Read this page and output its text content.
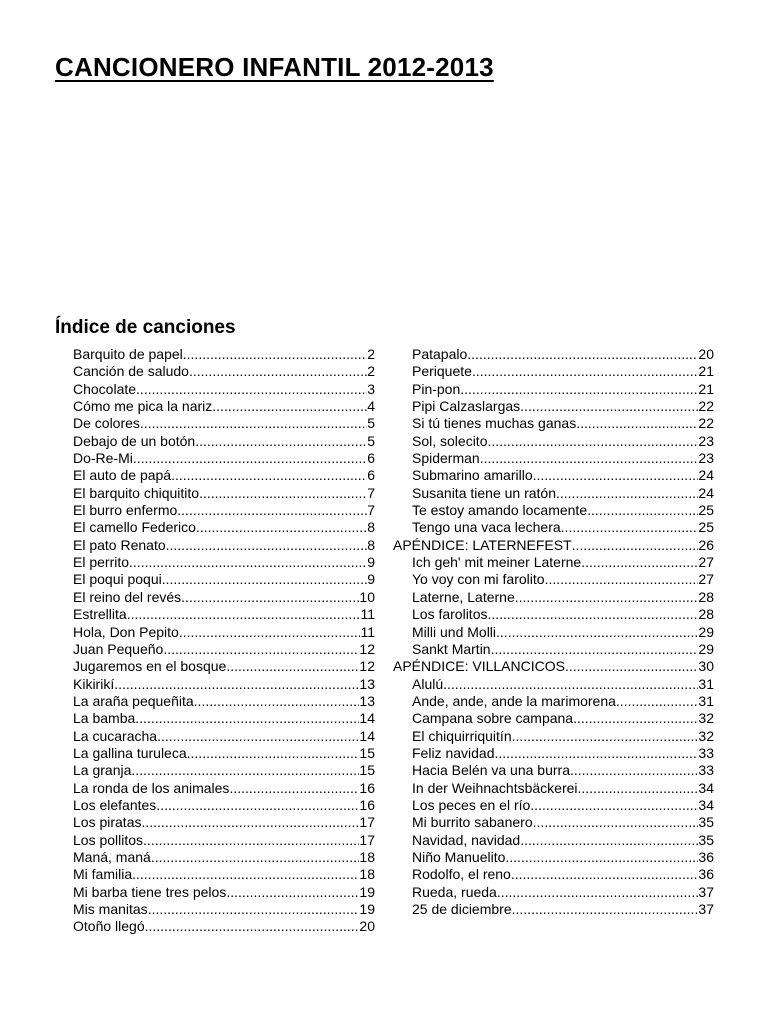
CANCIONERO INFANTIL 2012-2013
Índice de canciones
Barquito de papel .....	2
Canción de saludo .....	2
Chocolate .....	3
Cómo me pica la nariz .....	4
De colores .....	5
Debajo de un botón .....	5
Do-Re-Mi .....	6
El auto de papá .....	6
El barquito chiquitito .....	7
El burro enfermo .....	7
El camello Federico .....	8
El pato Renato .....	8
El perrito .....	9
El poqui poqui .....	9
El reino del revés .....	10
Estrellita .....	11
Hola, Don Pepito .....	11
Juan Pequeño .....	12
Jugaremos en el bosque .....	12
Kikirikí .....	13
La araña pequeñita .....	13
La bamba .....	14
La cucaracha .....	14
La gallina turuleca .....	15
La granja .....	15
La ronda de los animales .....	16
Los elefantes .....	16
Los piratas .....	17
Los pollitos .....	17
Maná, maná .....	18
Mi familia .....	18
Mi barba tiene tres pelos .....	19
Mis manitas .....	19
Otoño llegó .....	20
Patapalo .....	20
Periquete .....	21
Pin-pon .....	21
Pipi Calzaslargas .....	22
Si tú tienes muchas ganas .....	22
Sol, solecito .....	23
Spiderman .....	23
Submarino amarillo .....	24
Susanita tiene un ratón .....	24
Te estoy amando locamente .....	25
Tengo una vaca lechera .....	25
APÉNDICE: LATERNEFEST .....	26
Ich geh' mit meiner Laterne .....	27
Yo voy con mi farolito .....	27
Laterne, Laterne .....	28
Los farolitos .....	28
Milli und Molli .....	29
Sankt Martin .....	29
APÉNDICE: VILLANCICOS .....	30
Alulú .....	31
Ande, ande, ande la marimorena .....	31
Campana sobre campana .....	32
El chiquirriquitín .....	32
Feliz navidad .....	33
Hacia Belén va una burra .....	33
In der Weihnachtsbäckerei .....	34
Los peces en el río .....	34
Mi burrito sabanero .....	35
Navidad, navidad .....	35
Niño Manuelito .....	36
Rodolfo, el reno .....	36
Rueda, rueda .....	37
25 de diciembre .....	37
